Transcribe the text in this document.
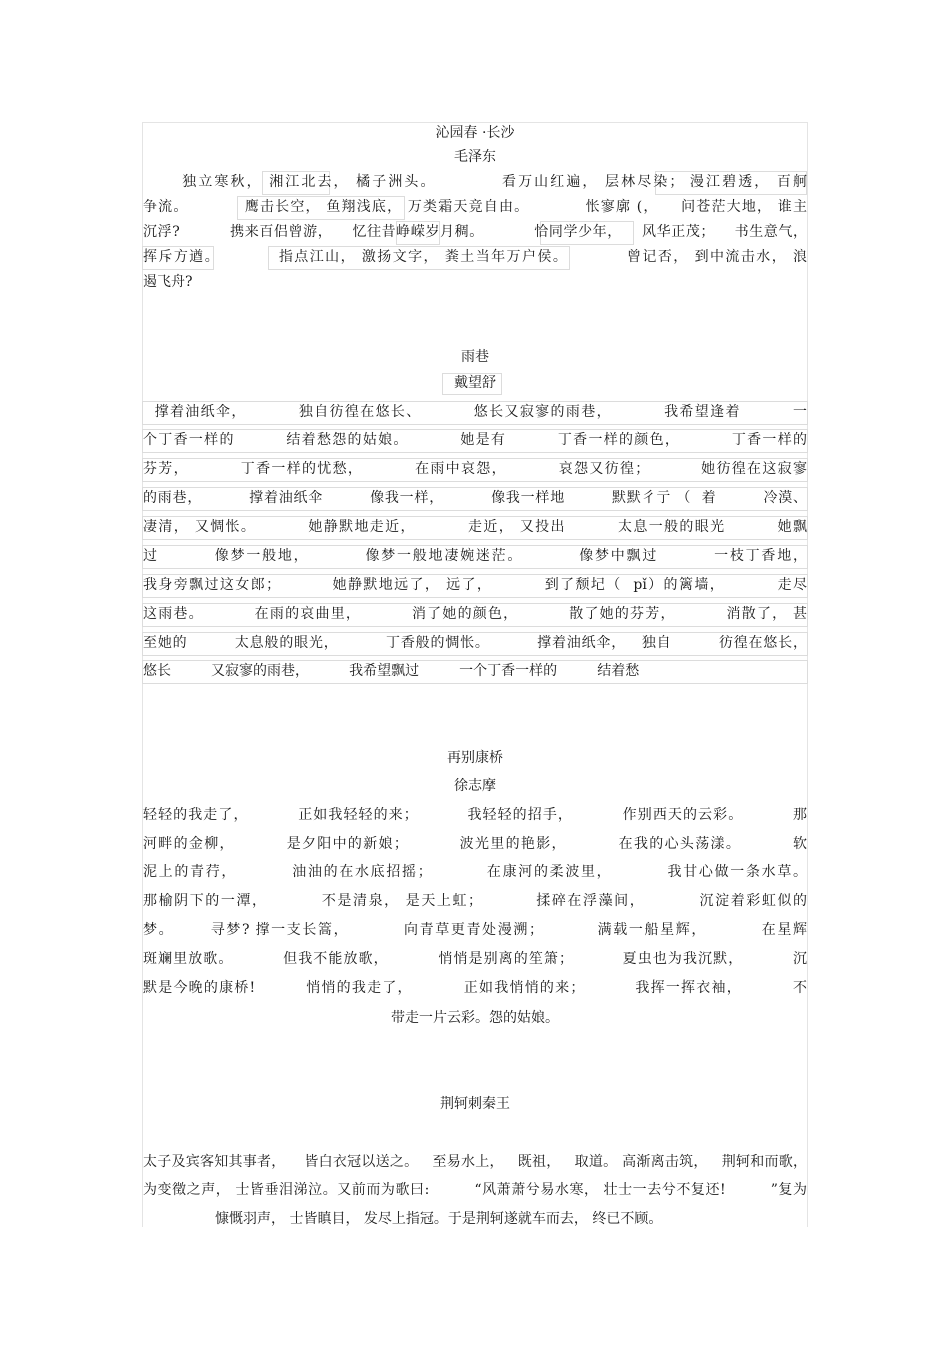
沁园春 ·长沙
毛泽东
独立寒秋， 湘江北去， 橘子洲头。          看万山红遍， 层林尽染； 漫江碧透， 百舸
争流。          鹰击长空， 鱼翔浅底， 万类霜天竞自由。          怅寥廓 (，    问苍茫大地， 谁主
沉浮?          携来百侣曾游，    忆往昔峥嵘岁月稠。          恰同学少年，    风华正茂；    书生意气，
挥斥方遒。          指点江山， 激扬文字， 粪土当年万户侯。          曾记否， 到中流击水， 浪
遏飞舟?
雨巷
戴望舒
撑着油纸伞，         独自彷徨在悠长、         悠长又寂寥的雨巷，         我希望逢着         一
个丁香一样的         结着愁怨的姑娘。         她是有         丁香一样的颜色，         丁香一样的
芬芳，         丁香一样的忧愁，         在雨中哀怨，         哀怨又彷徨；         她彷徨在这寂寥
的雨巷，         撑着油纸伞         像我一样，         像我一样地         默默彳亍 （  着         冷漠、
凄清， 又惆怅。         她静默地走近，         走近， 又投出         太息一般的眼光         她飘
过         像梦一般地，         像梦一般地凄婉迷茫。         像梦中飘过         一枝丁香地，
我身旁飘过这女郎；         她静默地远了， 远了，         到了颓圮（  pǐ）的篱墙，         走尽
这雨巷。         在雨的哀曲里，         消了她的颜色，         散了她的芬芳，         消散了， 甚
至她的         太息般的眼光，         丁香般的惆怅。         撑着油纸伞，   独自         彷徨在悠长，
悠长         又寂寥的雨巷，         我希望飘过         一个丁香一样的         结着愁
再别康桥
徐志摩
轻轻的我走了，         正如我轻轻的来；         我轻轻的招手，         作别西天的云彩。         那
河畔的金柳，         是夕阳中的新娘；         波光里的艳影，         在我的心头荡漾。         软
泥上的青荇，         油油的在水底招摇；         在康河的柔波里，         我甘心做一条水草。
那榆阴下的一潭，         不是清泉， 是天上虹；         揉碎在浮藻间，         沉淀着彩虹似的
梦。      寻梦? 撑一支长篙，         向青草更青处漫溯；         满载一船星辉，         在星辉
斑斓里放歌。         但我不能放歌，         悄悄是别离的笙箫；         夏虫也为我沉默，         沉
默是今晚的康桥!         悄悄的我走了，         正如我悄悄的来；         我挥一挥衣袖，         不
带走一片云彩。怨的姑娘。
荆轲刺秦王
太子及宾客知其事者，    皆白衣冠以送之。   至易水上，   既祖，   取道。 高渐离击筑，   荆轲和而歌，
为变徵之声， 士皆垂泪涕泣。又前而为歌曰:         “风萧萧兮易水寒， 壮士一去兮不复还!         ”复为
慷慨羽声， 士皆瞋目， 发尽上指冠。于是荆轲遂就车而去， 终已不顾。
